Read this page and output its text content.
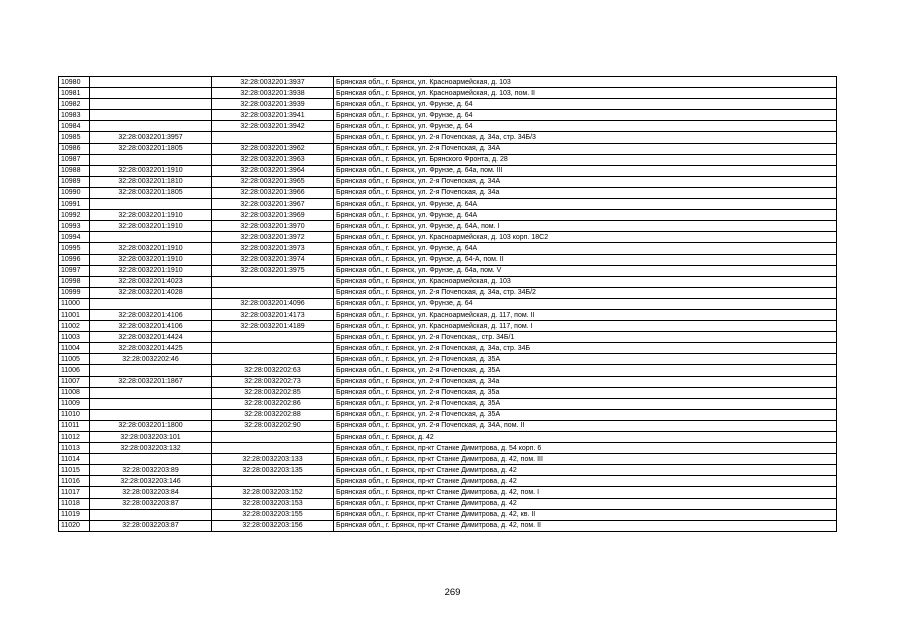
10980		32:28:0032201:3937	Брянская обл., г. Брянск, ул. Красноармейская, д. 103
10981		32:28:0032201:3938	Брянская обл., г. Брянск, ул. Красноармейская, д. 103, пом. II
10982		32:28:0032201:3939	Брянская обл., г. Брянск, ул. Фрунзе, д. 64
10983		32:28:0032201:3941	Брянская обл., г. Брянск, ул. Фрунзе, д. 64
10984		32:28:0032201:3942	Брянская обл., г. Брянск, ул. Фрунзе, д. 64
10985	32:28:0032201:3957		Брянская обл., г. Брянск, ул. 2-я Почепская, д. 34а, стр. 34Б/3
10986	32:28:0032201:1805	32:28:0032201:3962	Брянская обл., г. Брянск, ул. 2-я Почепская, д. 34А
10987		32:28:0032201:3963	Брянская обл., г. Брянск, ул. Брянского Фронта, д. 28
10988	32:28:0032201:1910	32:28:0032201:3964	Брянская обл., г. Брянск, ул. Фрунзе, д. 64а, пом. III
10989	32:28:0032201:1810	32:28:0032201:3965	Брянская обл., г. Брянск, ул. 2-я Почепская, д. 34А
10990	32:28:0032201:1805	32:28:0032201:3966	Брянская обл., г. Брянск, ул. 2-я Почепская, д. 34а
10991		32:28:0032201:3967	Брянская обл., г. Брянск, ул. Фрунзе, д. 64А
10992	32:28:0032201:1910	32:28:0032201:3969	Брянская обл., г. Брянск, ул. Фрунзе, д. 64А
10993	32:28:0032201:1910	32:28:0032201:3970	Брянская обл., г. Брянск, ул. Фрунзе, д. 64А, пом. I
10994		32:28:0032201:3972	Брянская обл., г. Брянск, ул. Красноармейская, д. 103 корп. 18С2
10995	32:28:0032201:1910	32:28:0032201:3973	Брянская обл., г. Брянск, ул. Фрунзе, д. 64А
10996	32:28:0032201:1910	32:28:0032201:3974	Брянская обл., г. Брянск, ул. Фрунзе, д. 64-А, пом. II
10997	32:28:0032201:1910	32:28:0032201:3975	Брянская обл., г. Брянск, ул. Фрунзе, д. 64а, пом. V
10998	32:28:0032201:4023		Брянская обл., г. Брянск, ул. Красноармейская, д. 103
10999	32:28:0032201:4028		Брянская обл., г. Брянск, ул. 2-я Почепская, д. 34а, стр. 34Б/2
11000		32:28:0032201:4096	Брянская обл., г. Брянск, ул. Фрунзе, д. 64
11001	32:28:0032201:4106	32:28:0032201:4173	Брянская обл., г. Брянск, ул. Красноармейская, д. 117, пом. II
11002	32:28:0032201:4106	32:28:0032201:4189	Брянская обл., г. Брянск, ул. Красноармейская, д. 117, пом. I
11003	32:28:0032201:4424		Брянская обл., г. Брянск, ул. 2-я Почепская,, стр. 34Б/1
11004	32:28:0032201:4425		Брянская обл., г. Брянск, ул. 2-я Почепская, д. 34а, стр. 34Б
11005	32:28:0032202:46		Брянская обл., г. Брянск, ул. 2-я Почепская, д. 35А
11006		32:28:0032202:63	Брянская обл., г. Брянск, ул. 2-я Почепская, д. 35А
11007	32:28:0032201:1867	32:28:0032202:73	Брянская обл., г. Брянск, ул. 2-я Почепская, д. 34а
11008		32:28:0032202:85	Брянская обл., г. Брянск, ул. 2-я Почепская, д. 35а
11009		32:28:0032202:86	Брянская обл., г. Брянск, ул. 2-я Почепская, д. 35А
11010		32:28:0032202:88	Брянская обл., г. Брянск, ул. 2-я Почепская, д. 35А
11011	32:28:0032201:1800	32:28:0032202:90	Брянская обл., г. Брянск, ул. 2-я Почепская, д. 34А, пом. II
11012	32:28:0032203:101		Брянская обл., г. Брянск, д. 42
11013	32:28:0032203:132		Брянская обл., г. Брянск, пр-кт Станке Димитрова, д. 54 корп. 6
11014		32:28:0032203:133	Брянская обл., г. Брянск, пр-кт Станке Димитрова, д. 42, пом. III
11015	32:28:0032203:89	32:28:0032203:135	Брянская обл., г. Брянск, пр-кт Станке Димитрова, д. 42
11016	32:28:0032203:146		Брянская обл., г. Брянск, пр-кт Станке Димитрова, д. 42
11017	32:28:0032203:84	32:28:0032203:152	Брянская обл., г. Брянск, пр-кт Станке Димитрова, д. 42, пом. I
11018	32:28:0032203:87	32:28:0032203:153	Брянская обл., г. Брянск, пр-кт Станке Димитрова, д. 42
11019		32:28:0032203:155	Брянская обл., г. Брянск, пр-кт Станке Димитрова, д. 42, кв. II
11020	32:28:0032203:87	32:28:0032203:156	Брянская обл., г. Брянск, пр-кт Станке Димитрова, д. 42, пом. II
269
